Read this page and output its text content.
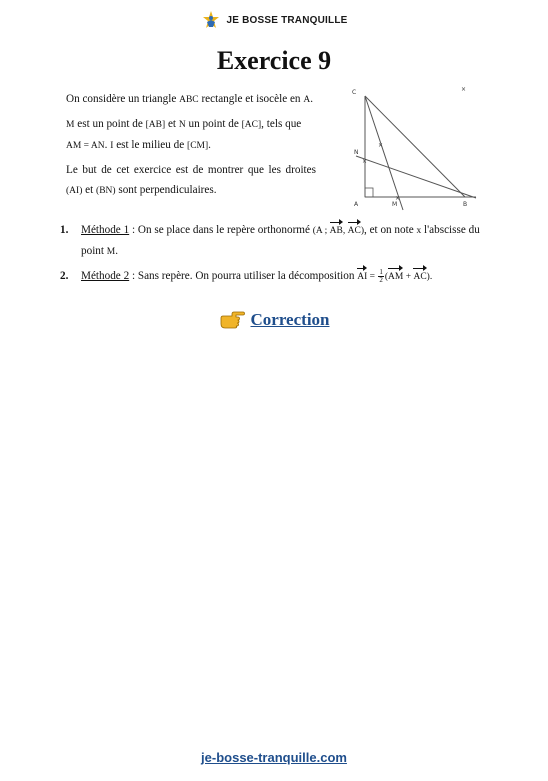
JE BOSSE TRANQUILLE
Exercice 9

On considère un triangle ABC rectangle et isocèle en A.

M est un point de [AB] et N un point de [AC], tels que AM = AN. I est le milieu de [CM].

Le but de cet exercice est de montrer que les droites (AI) et (BN) sont perpendiculaires.

C
N
A	M	B
×
×
×
×
1. Méthode 1 : On se place dans le repère orthonormé (A ; AB, AC), et on note x l'abscisse du point M.
2. Méthode 2 : Sans repère. On pourra utiliser la décomposition AI = $\frac{1}{2} (AM + AC)$.
Correction
je-bosse-tranquille.com
